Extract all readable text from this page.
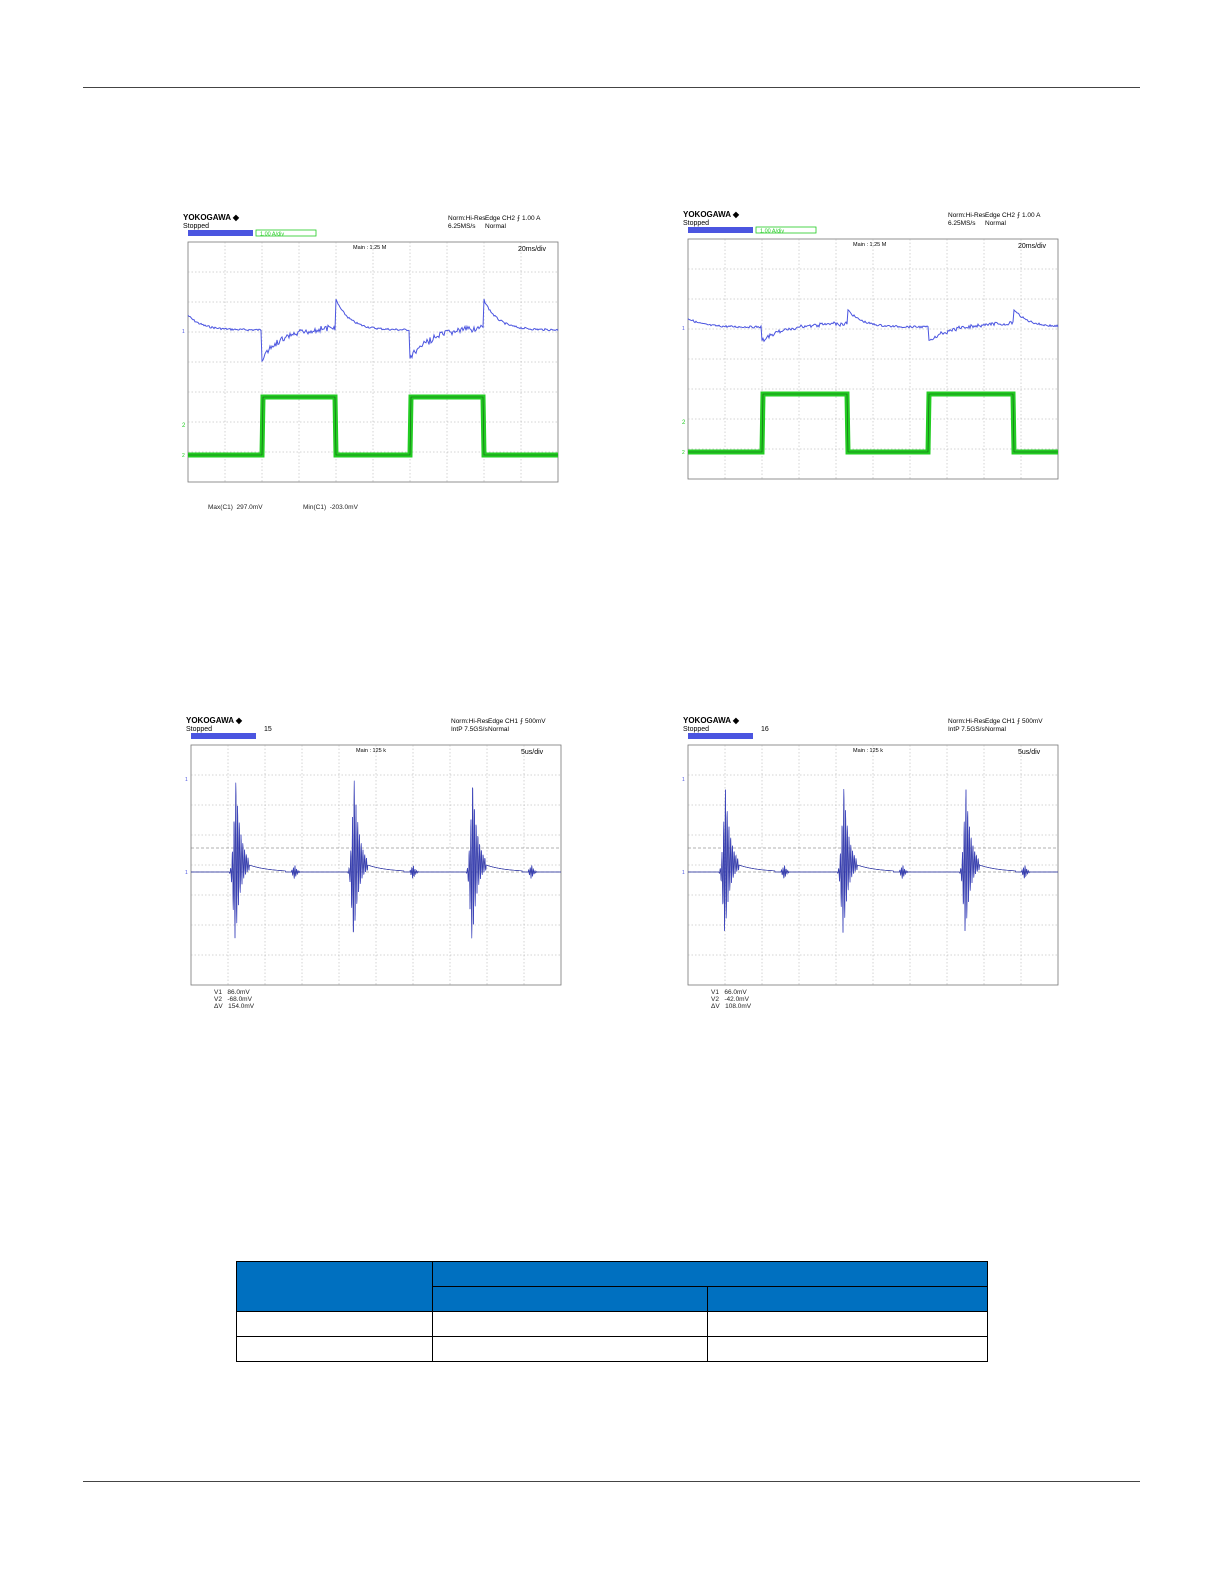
YOKOGAWA ◆
Stopped
Norm:Hi-Res
6.25MS/s
Edge CH2 ⨍ 1.00 A
Normal
1.00 A/div
Main : 1.25 M	20ms/div
1
2
2
Max(C1)  297.0mV	Min(C1)  -203.0mV
YOKOGAWA ◆
Stopped
Norm:Hi-Res
6.25MS/s
Edge CH2 ⨍ 1.00 A
Normal
1.00 A/div
Main : 1.25 M	20ms/div
1
2
2
YOKOGAWA ◆
Stopped	15
Norm:Hi-Res
IntP 7.5GS/s
Edge CH1 ⨍ 500mV
Normal
Main : 125 k	5us/div
1
1
V1   86.0mV
V2   -68.0mV
ΔV   154.0mV
YOKOGAWA ◆
Stopped	16
Norm:Hi-Res
IntP 7.5GS/s
Edge CH1 ⨍ 500mV
Normal
Main : 125 k	5us/div
1
1
V1   66.0mV
V2   -42.0mV
ΔV   108.0mV
